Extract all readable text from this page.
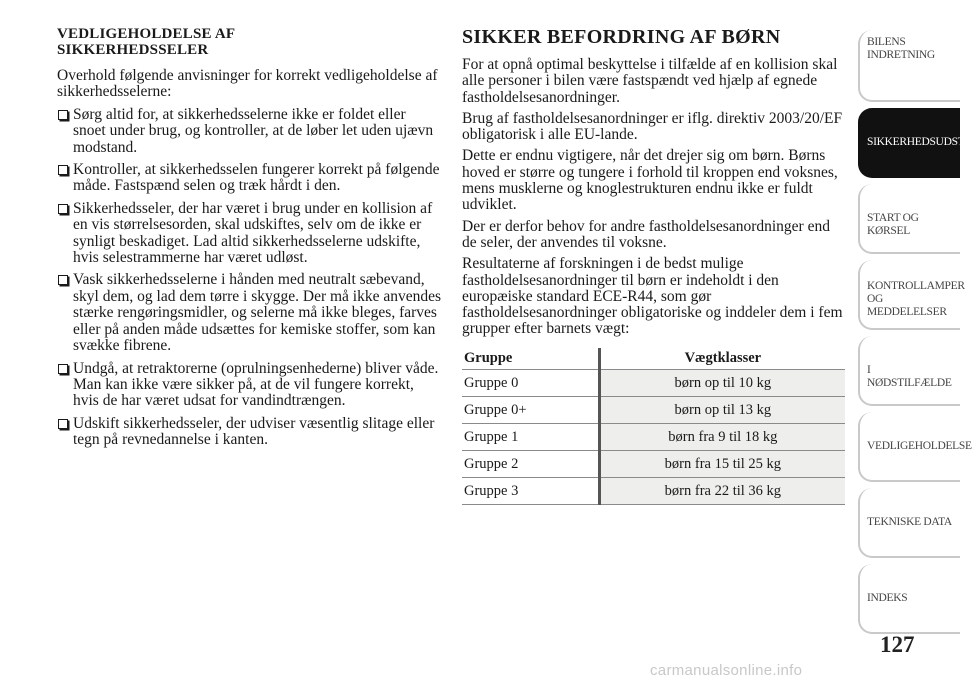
VEDLIGEHOLDELSE AF
SIKKERHEDSSELER

Overhold følgende anvisninger for korrekt vedligeholdelse af sikkerhedsselerne:

Sørg altid for, at sikkerhedsselerne ikke er foldet eller snoet under brug, og kontroller, at de løber let uden ujævn modstand.
Kontroller, at sikkerhedsselen fungerer korrekt på følgende måde. Fastspænd selen og træk hårdt i den.
Sikkerhedsseler, der har været i brug under en kollision af en vis størrelsesorden, skal udskiftes, selv om de ikke er synligt beskadiget. Lad altid sikkerhedsselerne udskifte, hvis selestrammerne har været udløst.
Vask sikkerhedsselerne i hånden med neutralt sæbevand, skyl dem, og lad dem tørre i skygge. Der må ikke anvendes stærke rengøringsmidler, og selerne må ikke bleges, farves eller på anden måde udsættes for kemiske stoffer, som kan svække fibrene.
Undgå, at retraktorerne (oprulningsenhederne) bliver våde. Man kan ikke være sikker på, at de vil fungere korrekt, hvis de har været udsat for vandindtrængen.
Udskift sikkerhedsseler, der udviser væsentlig slitage eller tegn på revnedannelse i kanten.
SIKKER BEFORDRING AF BØRN

For at opnå optimal beskyttelse i tilfælde af en kollision skal alle personer i bilen være fastspændt ved hjælp af egnede fastholdelsesanordninger.

Brug af fastholdelsesanordninger er iflg. direktiv 2003/20/EF obligatorisk i alle EU-lande.

Dette er endnu vigtigere, når det drejer sig om børn. Børns hoved er større og tungere i forhold til kroppen end voksnes, mens musklerne og knoglestrukturen endnu ikke er fuldt udviklet.

Der er derfor behov for andre fastholdelsesanordninger end de seler, der anvendes til voksne.

Resultaterne af forskningen i de bedst mulige fastholdelsesanordninger til børn er indeholdt i den europæiske standard ECE-R44, som gør fastholdelsesanordninger obligatoriske og inddeler dem i fem grupper efter barnets vægt:

Gruppe	Vægtklasser
Gruppe 0	børn op til 10 kg
Gruppe 0+	børn op til 13 kg
Gruppe 1	børn fra 9 til 18 kg
Gruppe 2	børn fra 15 til 25 kg
Gruppe 3	børn fra 22 til 36 kg
BILENS
INDRETNING
SIKKERHEDSUDSTYR
START OG KØRSEL
KONTROLLAMPER
OG MEDDELELSER
I NØDSTILFÆLDE
VEDLIGEHOLDELSE
TEKNISKE DATA
INDEKS
127
carmanualsonline.info
